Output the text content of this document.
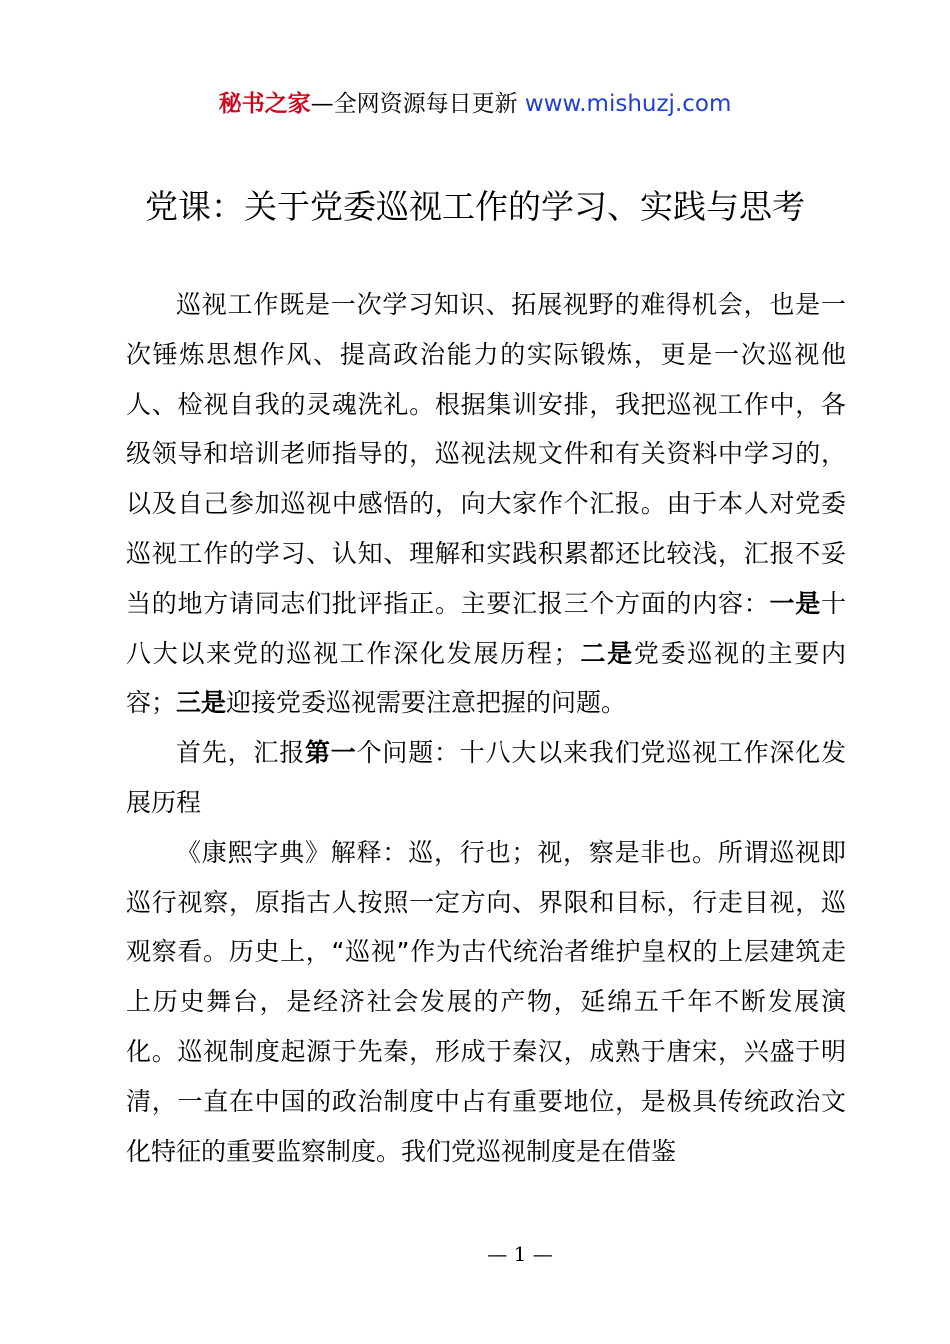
秘书之家—全网资源每日更新 www.mishuzj.com
党课：关于党委巡视工作的学习、实践与思考

巡视工作既是一次学习知识、拓展视野的难得机会，也是一次锤炼思想作风、提高政治能力的实际锻炼，更是一次巡视他人、检视自我的灵魂洗礼。根据集训安排，我把巡视工作中，各级领导和培训老师指导的，巡视法规文件和有关资料中学习的，以及自己参加巡视中感悟的，向大家作个汇报。由于本人对党委巡视工作的学习、认知、理解和实践积累都还比较浅，汇报不妥当的地方请同志们批评指正。主要汇报三个方面的内容：一是十八大以来党的巡视工作深化发展历程；二是党委巡视的主要内容；三是迎接党委巡视需要注意把握的问题。

首先，汇报第一个问题：十八大以来我们党巡视工作深化发展历程

《康熙字典》解释：巡，行也；视，察是非也。所谓巡视即巡行视察，原指古人按照一定方向、界限和目标，行走目视，巡观察看。历史上，“巡视”作为古代统治者维护皇权的上层建筑走上历史舞台，是经济社会发展的产物，延绵五千年不断发展演化。巡视制度起源于先秦，形成于秦汉，成熟于唐宋，兴盛于明清，一直在中国的政治制度中占有重要地位，是极具传统政治文化特征的重要监察制度。我们党巡视制度是在借鉴

— 1 —
